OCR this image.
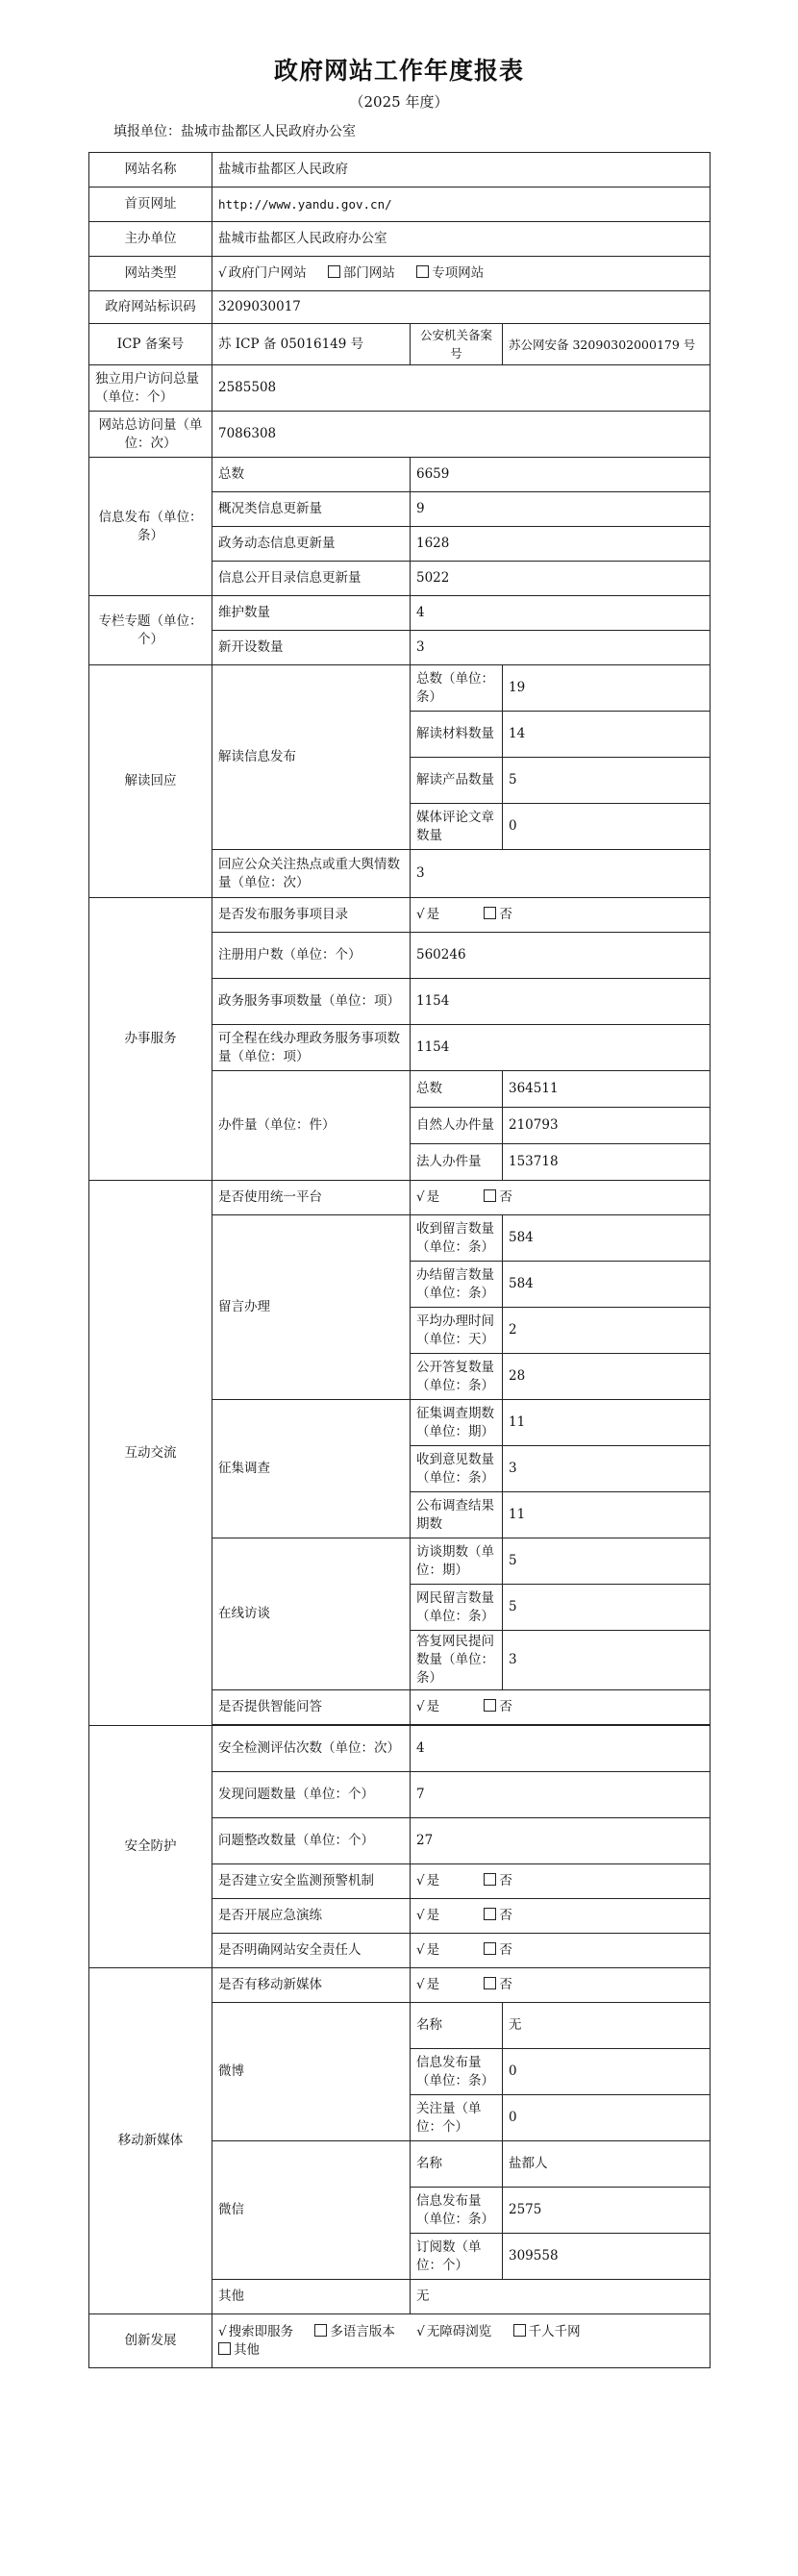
政府网站工作年度报表
（2025 年度）
填报单位：盐城市盐都区人民政府办公室
网站名称	盐城市盐都区人民政府		
首页网址	http://www.yandu.gov.cn/		
主办单位	盐城市盐都区人民政府办公室		
网站类型	√ 政府门户网站 部门网站 专项网站		
政府网站标识码	3209030017		
ICP 备案号	苏 ICP 备 05016149 号	公安机关备案号	苏公网安备 32090302000179 号
独立用户访问总量（单位：个）	2585508		
网站总访问量（单位：次）	7086308		
信息发布（单位：条）	总数	6659	
	概况类信息更新量	9	
	政务动态信息更新量	1628	
	信息公开目录信息更新量	5022	
专栏专题（单位：个）	维护数量	4	
	新开设数量	3	
解读回应	解读信息发布	总数（单位：条）	19
		解读材料数量	14
		解读产品数量	5
		媒体评论文章数量	0
	回应公众关注热点或重大舆情数量（单位：次）	3	
办事服务	是否发布服务事项目录	√ 是 否	
	注册用户数（单位：个）	560246	
	政务服务事项数量（单位：项）	1154	
	可全程在线办理政务服务事项数量（单位：项）	1154	
	办件量（单位：件）	总数	364511
		自然人办件量	210793
		法人办件量	153718
互动交流	是否使用统一平台	√ 是 否	
	留言办理	收到留言数量（单位：条）	584
		办结留言数量（单位：条）	584
		平均办理时间（单位：天）	2
		公开答复数量（单位：条）	28
	征集调查	征集调查期数（单位：期）	11
		收到意见数量（单位：条）	3
		公布调查结果期数	11
	在线访谈	访谈期数（单位：期）	5
		网民留言数量（单位：条）	5
		答复网民提问数量（单位：条）	3
	是否提供智能问答	√ 是 否	

安全防护	安全检测评估次数（单位：次）	4	
	发现问题数量（单位：个）	7	
	问题整改数量（单位：个）	27	
	是否建立安全监测预警机制	√ 是 否	
	是否开展应急演练	√ 是 否	
	是否明确网站安全责任人	√ 是 否	
移动新媒体	是否有移动新媒体	√ 是 否	
	微博	名称	无
		信息发布量（单位：条）	0
		关注量（单位：个）	0
	微信	名称	盐都人
		信息发布量（单位：条）	2575
		订阅数（单位：个）	309558
	其他	无	
创新发展	√ 搜索即服务 多语言版本 √ 无障碍浏览 千人千网
其他		
